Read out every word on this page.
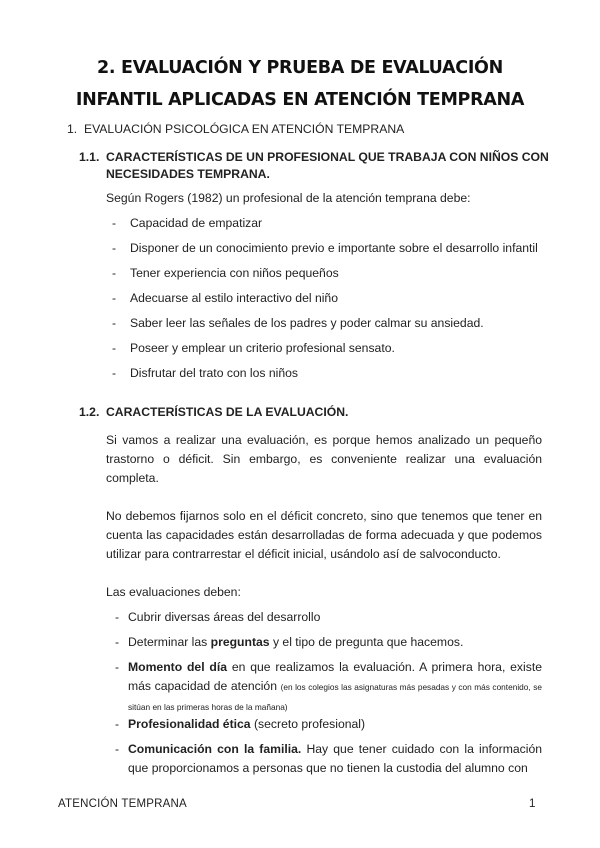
2. EVALUACIÓN Y PRUEBA DE EVALUACIÓN
INFANTIL APLICADAS EN ATENCIÓN TEMPRANA
1. EVALUACIÓN PSICOLÓGICA EN ATENCIÓN TEMPRANA
1.1. CARACTERÍSTICAS DE UN PROFESIONAL QUE TRABAJA CON NIÑOS CON
NECESIDADES TEMPRANA.
Según Rogers (1982) un profesional de la atención temprana debe:
- Capacidad de empatizar
- Disponer de un conocimiento previo e importante sobre el desarrollo infantil
- Tener experiencia con niños pequeños
- Adecuarse al estilo interactivo del niño
- Saber leer las señales de los padres y poder calmar su ansiedad.
- Poseer y emplear un criterio profesional sensato.
- Disfrutar del trato con los niños
1.2. CARACTERÍSTICAS DE LA EVALUACIÓN.
Si vamos a realizar una evaluación, es porque hemos analizado un pequeño trastorno o déficit. Sin embargo, es conveniente realizar una evaluación completa.
No debemos fijarnos solo en el déficit concreto, sino que tenemos que tener en cuenta las capacidades están desarrolladas de forma adecuada y que podemos utilizar para contrarrestar el déficit inicial, usándolo así de salvoconducto.
Las evaluaciones deben:
- Cubrir diversas áreas del desarrollo
- Determinar las preguntas y el tipo de pregunta que hacemos.
- Momento del día en que realizamos la evaluación. A primera hora, existe más capacidad de atención (en los colegios las asignaturas más pesadas y con más contenido, se sitúan en las primeras horas de la mañana)
- Profesionalidad ética (secreto profesional)
- Comunicación con la familia. Hay que tener cuidado con la información que proporcionamos a personas que no tienen la custodia del alumno con
ATENCIÓN TEMPRANA	1
